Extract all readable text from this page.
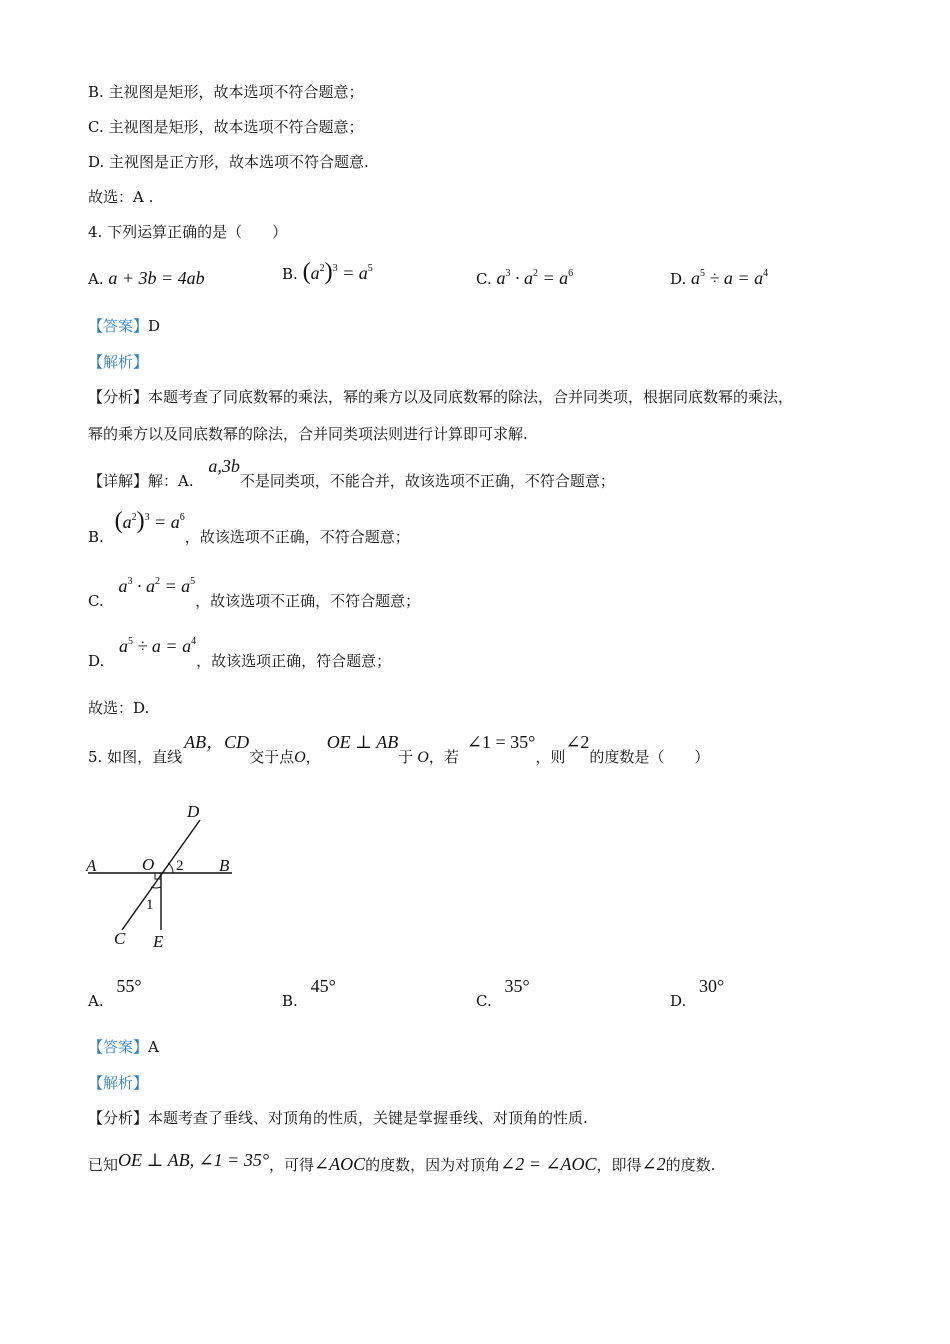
B. 主视图是矩形，故本选项不符合题意；
C. 主视图是矩形，故本选项不符合题意；
D. 主视图是正方形，故本选项不符合题意.
故选：A .
4. 下列运算正确的是（　　）
A. a + 3b = 4ab	B. $(a^2)^3 = a^5$
C. $a^3 \cdot a^2 = a^6$	D. $a^5 \div a = a^4$
【答案】D
【解析】
【分析】本题考查了同底数幂的乘法，幂的乘方以及同底数幂的除法，合并同类项，根据同底数幂的乘法，
幂的乘方以及同底数幂的除法，合并同类项法则进行计算即可求解.
【详解】解：A. a,3b不是同类项，不能合并，故该选项不正确，不符合题意；
B. $(a^2)^3 = a^6$，故该选项不正确，不符合题意；
C. $a^3 \cdot a^2 = a^5$，故该选项不正确，不符合题意；
D. $a^5 \div a = a^4$，故该选项正确，符合题意；
故选：D.
5. 如图，直线AB，CD交于点O，OE ⊥ AB于 O，若∠1 = 35°，则∠2的度数是（　　）
A	B
C
D
E
O
1
2
A. 55°
B. 45°
C. 35°
D. 30°
【答案】A
【解析】
【分析】本题考查了垂线、对顶角的性质，关键是掌握垂线、对顶角的性质.
已知OE ⊥ AB, ∠1 = 35°，可得∠AOC的度数，因为对顶角∠2 = ∠AOC，即得∠2的度数.
